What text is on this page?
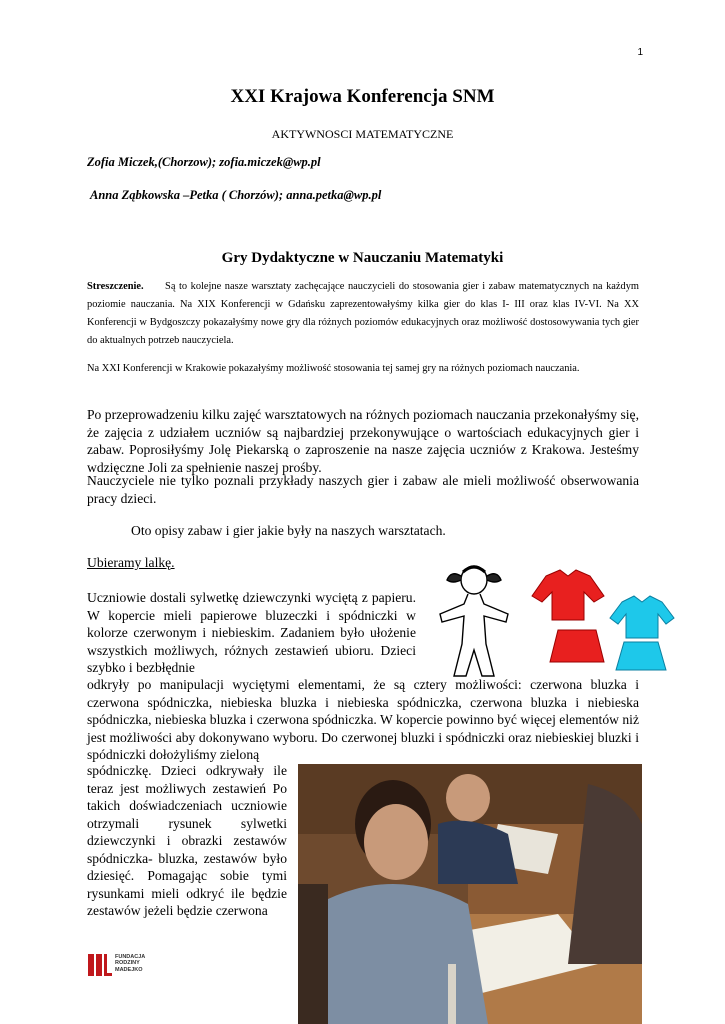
1
XXI Krajowa Konferencja SNM
AKTYWNOSCI MATEMATYCZNE
Zofia Miczek,(Chorzow); zofia.miczek@wp.pl
Anna Ząbkowska –Petka ( Chorzów); anna.petka@wp.pl
Gry Dydaktyczne w Nauczaniu Matematyki
Streszczenie. Są to kolejne nasze warsztaty zachęcające nauczycieli do stosowania gier i zabaw matematycznych na każdym poziomie nauczania. Na XIX Konferencji w Gdańsku zaprezentowałyśmy kilka gier do klas I- III oraz klas IV-VI. Na XX Konferencji w Bydgoszczy pokazałyśmy nowe gry dla różnych poziomów edukacyjnych oraz możliwość dostosowywania tych gier do aktualnych potrzeb nauczyciela.
Na XXI Konferencji w Krakowie pokazałyśmy możliwość stosowania tej samej gry na różnych poziomach nauczania.
Po przeprowadzeniu kilku zajęć warsztatowych na różnych poziomach nauczania przekonałyśmy się, że zajęcia z udziałem uczniów są najbardziej przekonywujące o wartościach edukacyjnych gier i zabaw. Poprosiłyśmy Jolę Piekarską o zaproszenie na nasze zajęcia uczniów z Krakowa. Jesteśmy wdzięczne Joli za spełnienie naszej prośby.
Nauczyciele nie tylko poznali przykłady naszych gier i zabaw ale mieli możliwość obserwowania pracy dzieci.
Oto opisy zabaw i gier jakie były na naszych warsztatach.
Ubieramy lalkę.
Uczniowie dostali sylwetkę dziewczynki wyciętą z papieru. W kopercie mieli papierowe bluzeczki i spódniczki w kolorze czerwonym i niebieskim. Zadaniem było ułożenie wszystkich możliwych, różnych zestawień ubioru. Dzieci szybko i bezbłędnie
odkryły po manipulacji wyciętymi elementami, że są cztery możliwości: czerwona bluzka i czerwona spódniczka, niebieska bluzka i niebieska spódniczka, czerwona bluzka i niebieska spódniczka, niebieska bluzka i czerwona spódniczka. W kopercie powinno być więcej elementów niż jest możliwości aby dokonywano wyboru. Do czerwonej bluzki i spódniczki oraz niebieskiej bluzki i spódniczki dołożyliśmy zieloną
spódniczkę. Dzieci odkrywały ile teraz jest możliwych zestawień Po takich doświadczeniach uczniowie otrzymali rysunek sylwetki dziewczynki i obrazki zestawów spódniczka- bluzka, zestawów było dziesięć. Pomagając sobie tymi rysunkami mieli odkryć ile będzie zestawów jeżeli będzie czerwona
FUNDACJA
RODZINY
MADEJKO
